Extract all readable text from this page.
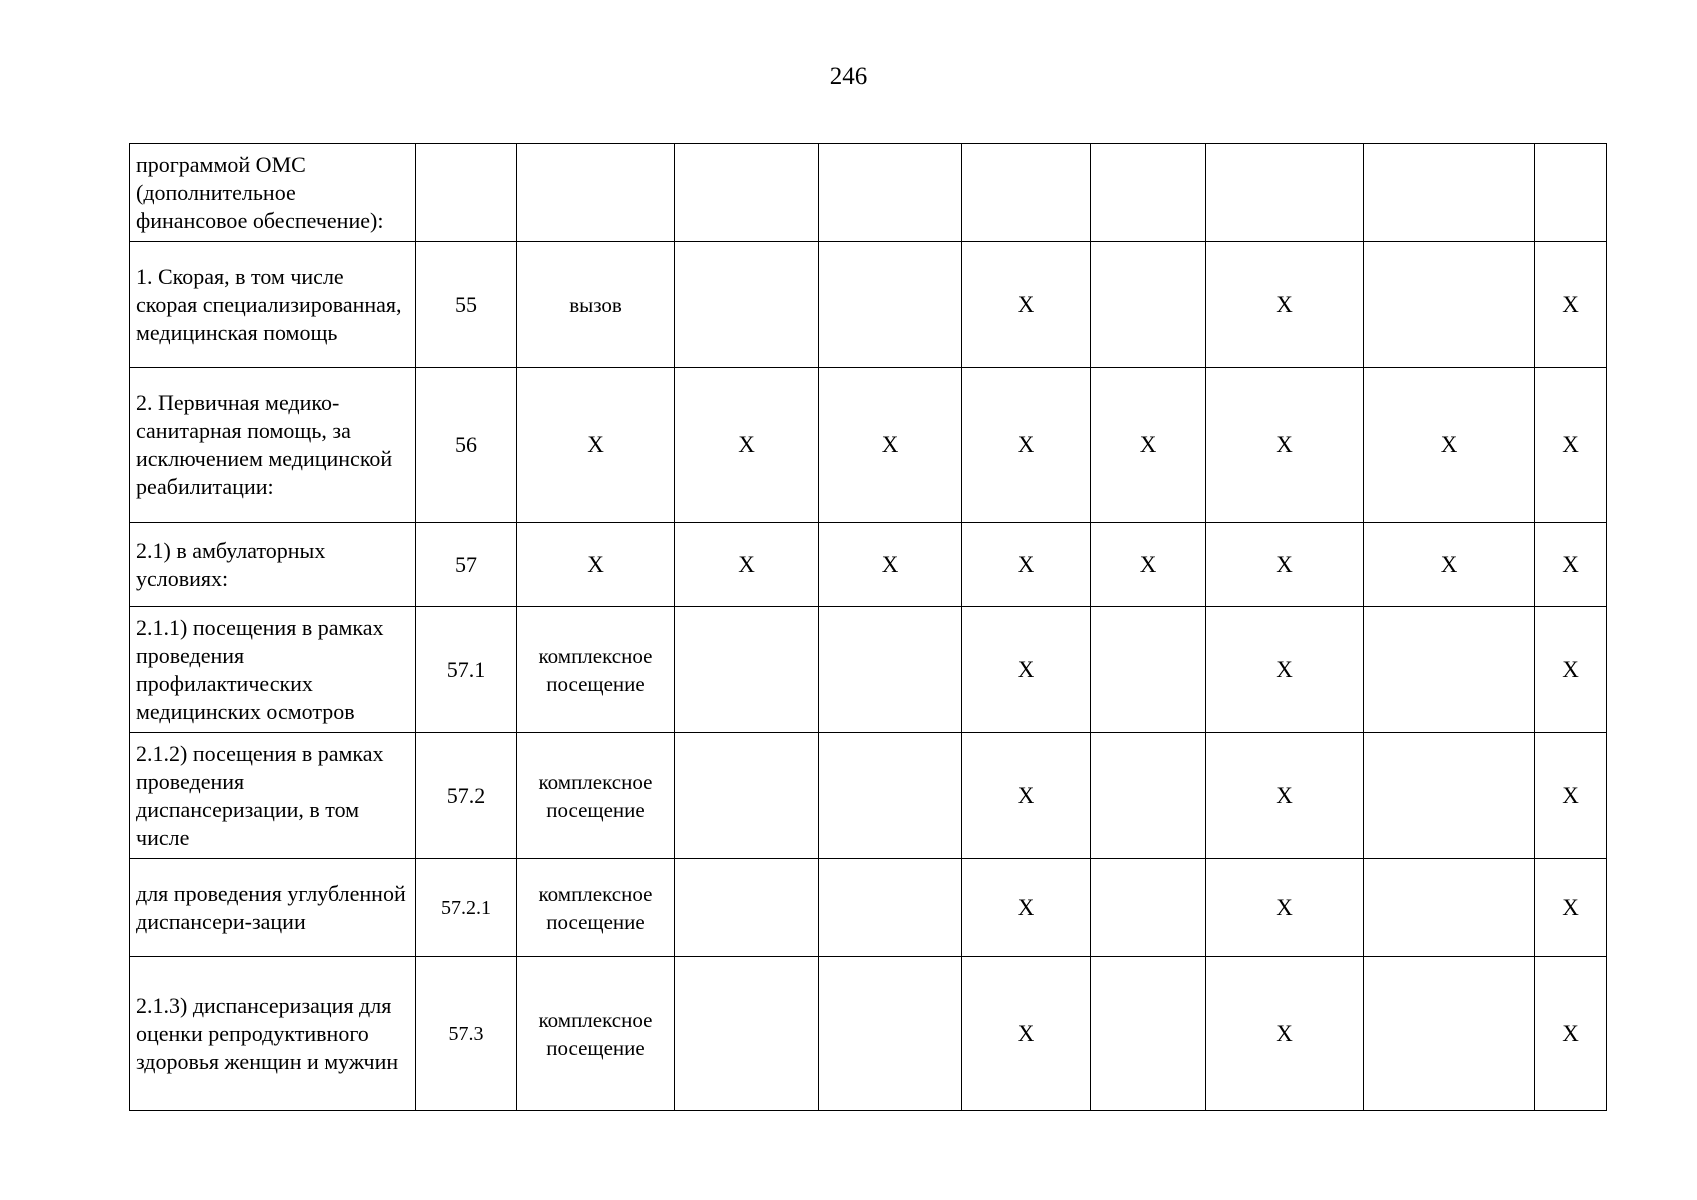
246
программой ОМС (дополнительное финансовое обеспечение):									
1. Скорая, в том числе скорая специализированная, медицинская помощь	55	вызов			Х		Х		Х
2. Первичная медико-санитарная помощь, за исключением медицинской реабилитации:	56	Х	Х	Х	Х	Х	Х	Х	Х
2.1) в амбулаторных условиях:	57	Х	Х	Х	Х	Х	Х	Х	Х
2.1.1) посещения в рамках проведения профилактических медицинских осмотров	57.1	комплексное посещение			Х		Х		Х
2.1.2) посещения в рамках проведения диспансеризации, в том числе	57.2	комплексное посещение			Х		Х		Х
для проведения углубленной диспансери-зации	57.2.1	комплексное посещение			Х		Х		Х
2.1.3) диспансеризация для оценки репродуктивного здоровья женщин и мужчин	57.3	комплексное посещение			Х		Х		Х
